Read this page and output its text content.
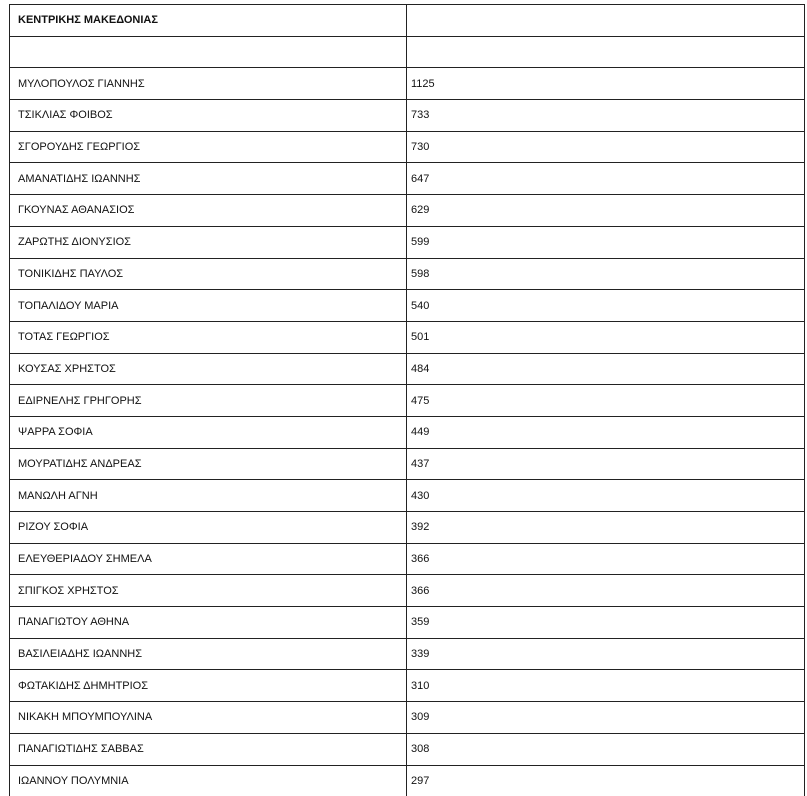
ΚΕΝΤΡΙΚΗΣ ΜΑΚΕΔΟΝΙΑΣ	

ΜΥΛΟΠΟΥΛΟΣ ΓΙΑΝΝΗΣ	1125
ΤΣΙΚΛΙΑΣ ΦΟΙΒΟΣ	733
ΣΓΟΡΟΥΔΗΣ ΓΕΩΡΓΙΟΣ	730
ΑΜΑΝΑΤΙΔΗΣ ΙΩΑΝΝΗΣ	647
ΓΚΟΥΝΑΣ ΑΘΑΝΑΣΙΟΣ	629
ΖΑΡΩΤΗΣ ΔΙΟΝΥΣΙΟΣ	599
ΤΟΝΙΚΙΔΗΣ ΠΑΥΛΟΣ	598
ΤΟΠΑΛΙΔΟΥ ΜΑΡΙΑ	540
ΤΟΤΑΣ ΓΕΩΡΓΙΟΣ	501
ΚΟΥΣΑΣ ΧΡΗΣΤΟΣ	484
ΕΔΙΡΝΕΛΗΣ ΓΡΗΓΟΡΗΣ	475
ΨΑΡΡΑ ΣΟΦΙΑ	449
ΜΟΥΡΑΤΙΔΗΣ ΑΝΔΡΕΑΣ	437
ΜΑΝΩΛΗ ΑΓΝΗ	430
ΡΙΖΟΥ ΣΟΦΙΑ	392
ΕΛΕΥΘΕΡΙΑΔΟΥ ΣΗΜΕΛΑ	366
ΣΠΙΓΚΟΣ ΧΡΗΣΤΟΣ	366
ΠΑΝΑΓΙΩΤΟΥ ΑΘΗΝΑ	359
ΒΑΣΙΛΕΙΑΔΗΣ ΙΩΑΝΝΗΣ	339
ΦΩΤΑΚΙΔΗΣ ΔΗΜΗΤΡΙΟΣ	310
ΝΙΚΑΚΗ ΜΠΟΥΜΠΟΥΛΙΝΑ	309
ΠΑΝΑΓΙΩΤΙΔΗΣ ΣΑΒΒΑΣ	308
ΙΩΑΝΝΟΥ ΠΟΛΥΜΝΙΑ	297
